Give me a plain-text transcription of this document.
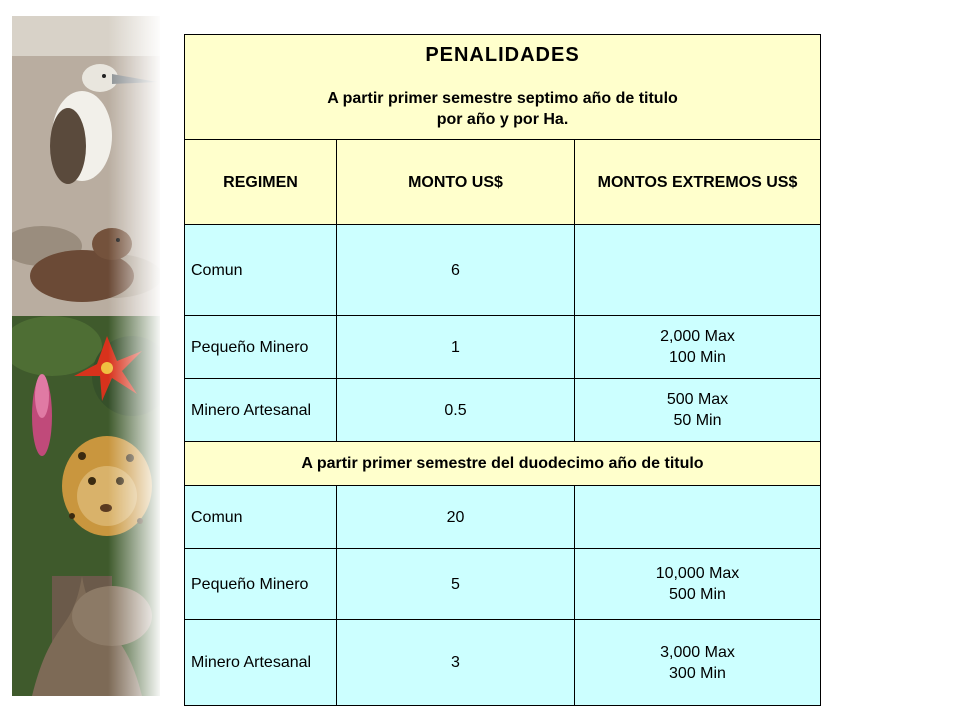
PENALIDADES
A partir primer semestre septimo año de titulo
por año y por Ha.		

REGIMEN	MONTO US$	MONTOS EXTREMOS US$
Comun	6	
Pequeño Minero	1	2,000 Max
100 Min

Minero Artesanal	0.5	500 Max
50 Min

A partir primer semestre del duodecimo año de titulo		
Comun	20	
Pequeño Minero	5	10,000 Max
500 Min

Minero Artesanal	3	3,000 Max
300 Min
